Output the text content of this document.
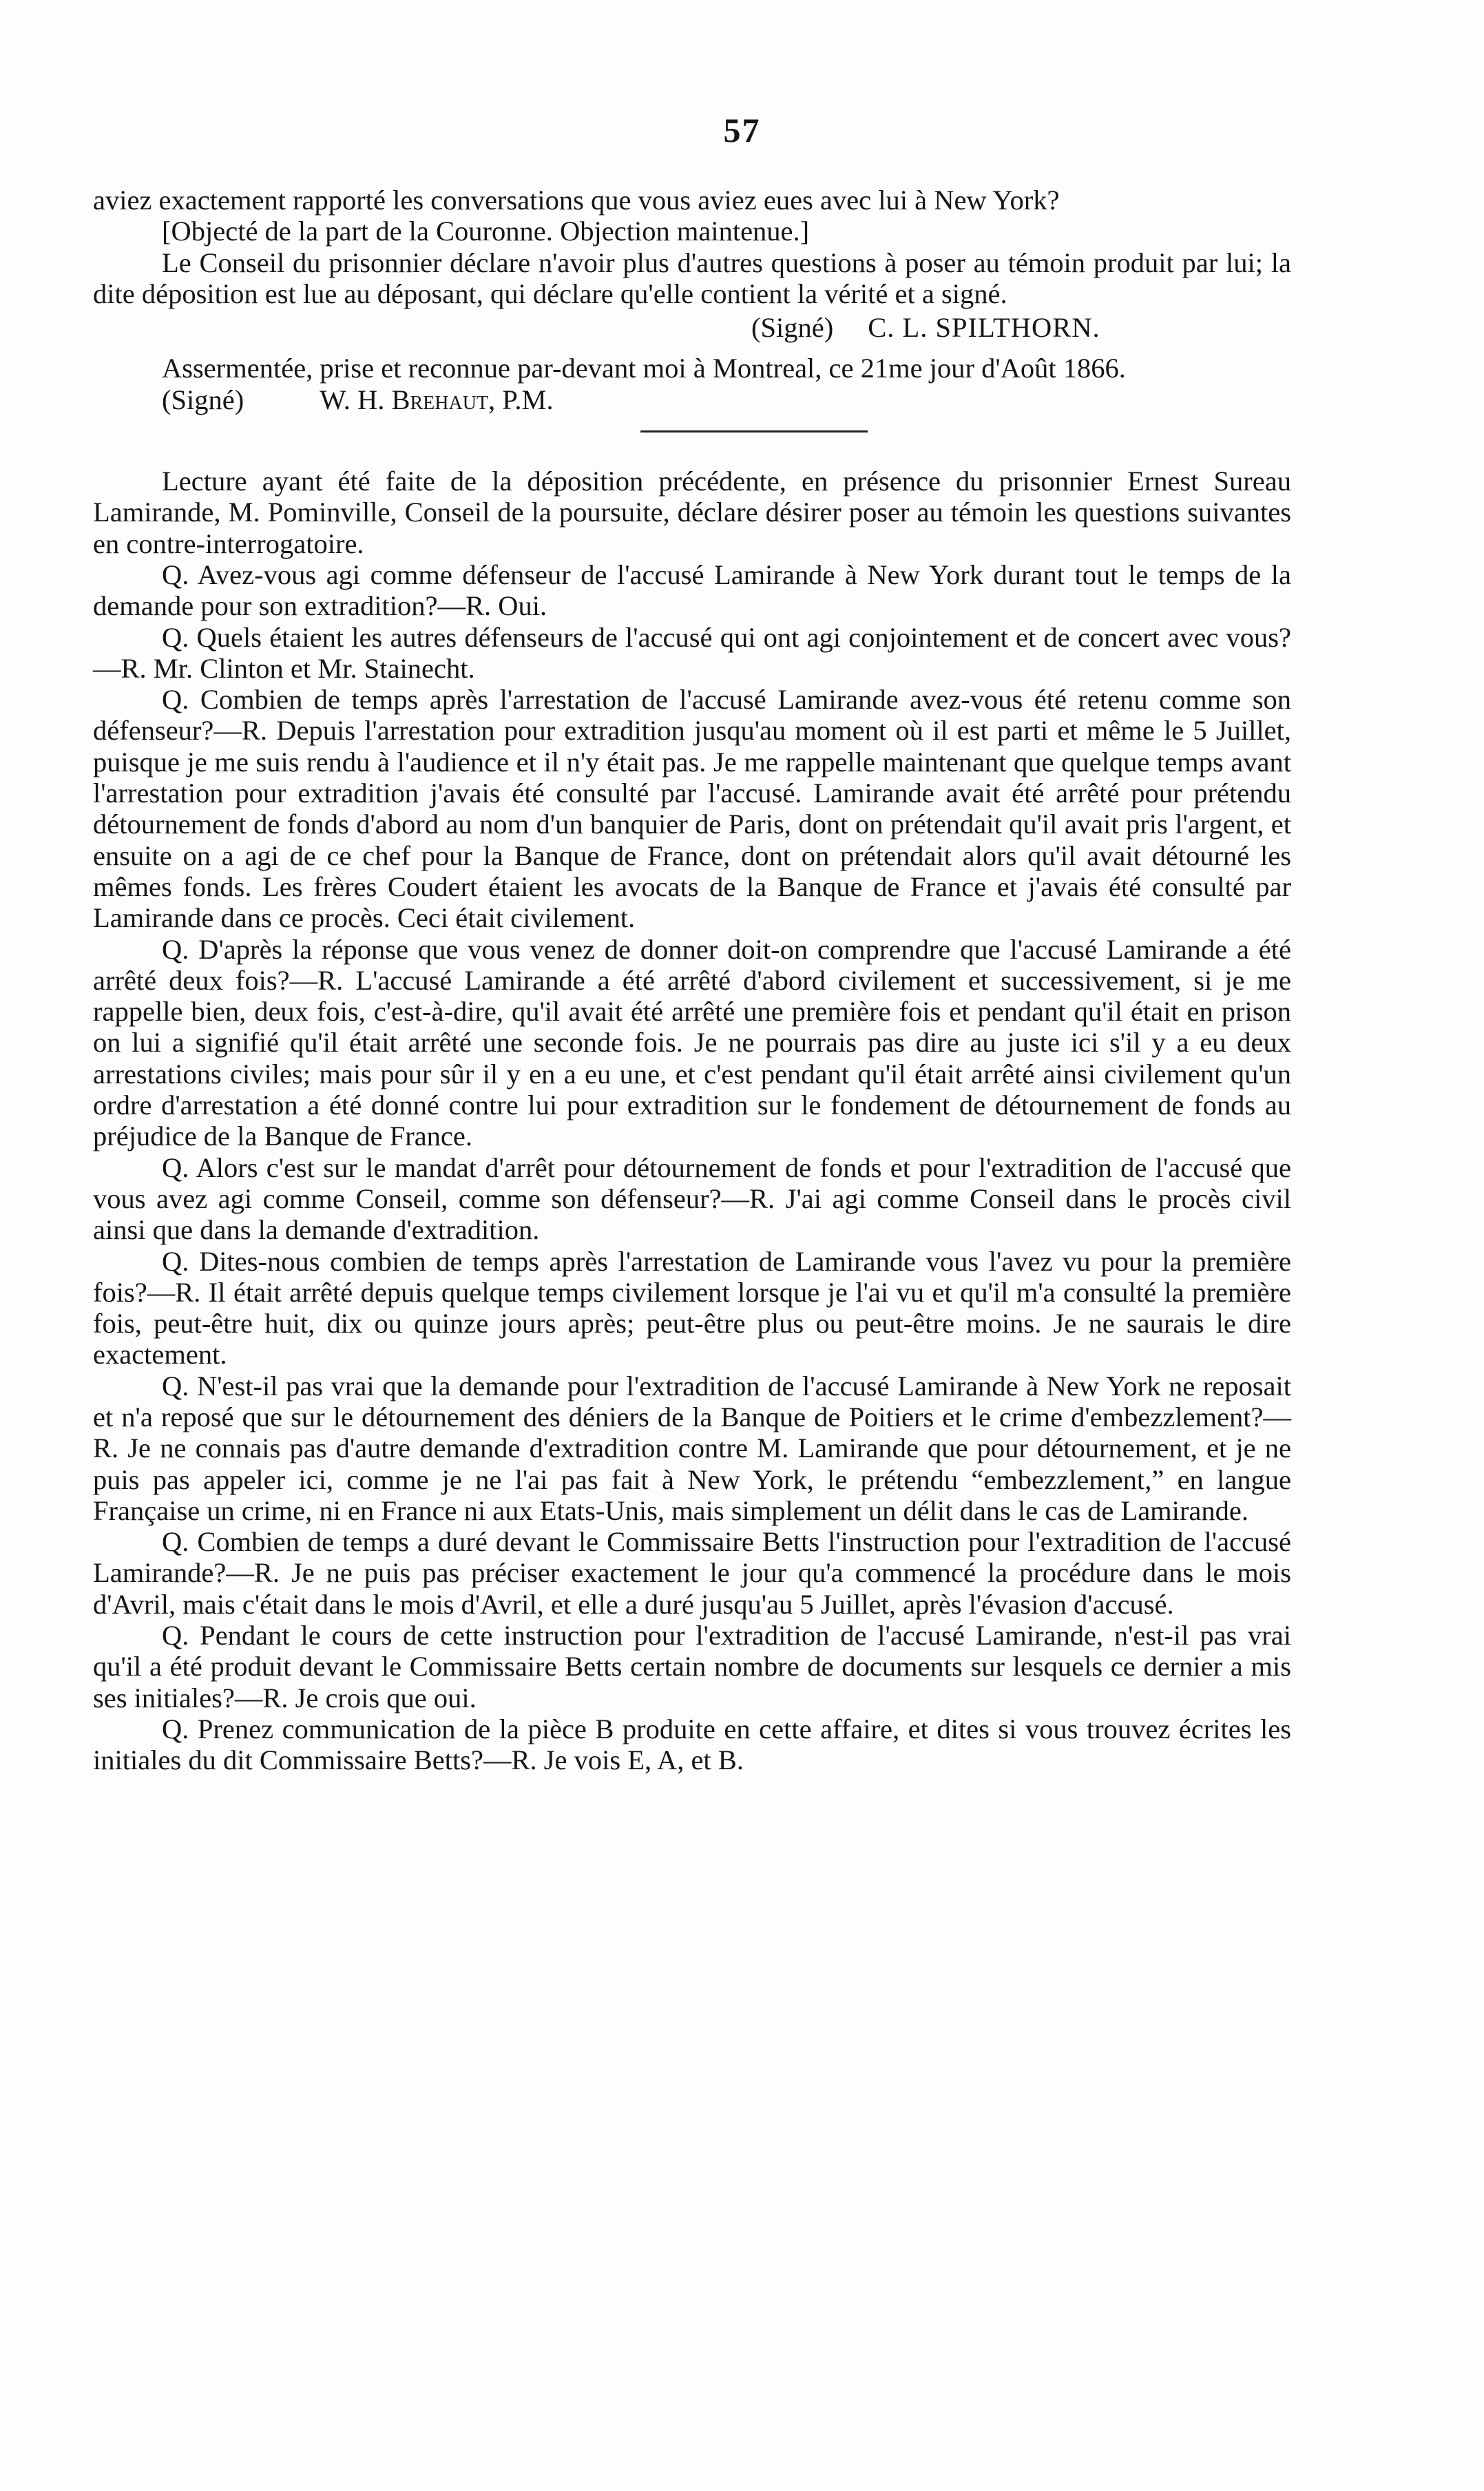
57

aviez exactement rapporté les conversations que vous aviez eues avec lui à New York?

[Objecté de la part de la Couronne. Objection maintenue.]

Le Conseil du prisonnier déclare n'avoir plus d'autres questions à poser au témoin produit par lui; la dite déposition est lue au déposant, qui déclare qu'elle contient la vérité et a signé.

(Signé) C. L. SPILTHORN.

Assermentée, prise et reconnue par-devant moi à Montreal, ce 21me jour d'Août 1866.

(Signé)	W. H. Brehaut, P.M.

Lecture ayant été faite de la déposition précédente, en présence du prisonnier Ernest Sureau Lamirande, M. Pominville, Conseil de la poursuite, déclare désirer poser au témoin les questions suivantes en contre-interrogatoire.

Q. Avez-vous agi comme défenseur de l'accusé Lamirande à New York durant tout le temps de la demande pour son extradition?—R. Oui.

Q. Quels étaient les autres défenseurs de l'accusé qui ont agi conjointement et de concert avec vous?—R. Mr. Clinton et Mr. Stainecht.

Q. Combien de temps après l'arrestation de l'accusé Lamirande avez-vous été retenu comme son défenseur?—R. Depuis l'arrestation pour extradition jusqu'au moment où il est parti et même le 5 Juillet, puisque je me suis rendu à l'audience et il n'y était pas. Je me rappelle maintenant que quelque temps avant l'arrestation pour extradition j'avais été consulté par l'accusé. Lamirande avait été arrêté pour prétendu détournement de fonds d'abord au nom d'un banquier de Paris, dont on prétendait qu'il avait pris l'argent, et ensuite on a agi de ce chef pour la Banque de France, dont on prétendait alors qu'il avait détourné les mêmes fonds. Les frères Coudert étaient les avocats de la Banque de France et j'avais été consulté par Lamirande dans ce procès. Ceci était civilement.

Q. D'après la réponse que vous venez de donner doit-on comprendre que l'accusé Lamirande a été arrêté deux fois?—R. L'accusé Lamirande a été arrêté d'abord civilement et successivement, si je me rappelle bien, deux fois, c'est-à-dire, qu'il avait été arrêté une première fois et pendant qu'il était en prison on lui a signifié qu'il était arrêté une seconde fois. Je ne pourrais pas dire au juste ici s'il y a eu deux arrestations civiles; mais pour sûr il y en a eu une, et c'est pendant qu'il était arrêté ainsi civilement qu'un ordre d'arrestation a été donné contre lui pour extradition sur le fondement de détournement de fonds au préjudice de la Banque de France.

Q. Alors c'est sur le mandat d'arrêt pour détournement de fonds et pour l'extradition de l'accusé que vous avez agi comme Conseil, comme son défenseur?—R. J'ai agi comme Conseil dans le procès civil ainsi que dans la demande d'extradition.

Q. Dites-nous combien de temps après l'arrestation de Lamirande vous l'avez vu pour la première fois?—R. Il était arrêté depuis quelque temps civilement lorsque je l'ai vu et qu'il m'a consulté la première fois, peut-être huit, dix ou quinze jours après; peut-être plus ou peut-être moins. Je ne saurais le dire exactement.

Q. N'est-il pas vrai que la demande pour l'extradition de l'accusé Lamirande à New York ne reposait et n'a reposé que sur le détournement des déniers de la Banque de Poitiers et le crime d'embezzlement?—R. Je ne connais pas d'autre demande d'extradition contre M. Lamirande que pour détournement, et je ne puis pas appeler ici, comme je ne l'ai pas fait à New York, le prétendu “embezzlement,” en langue Française un crime, ni en France ni aux Etats-Unis, mais simplement un délit dans le cas de Lamirande.

Q. Combien de temps a duré devant le Commissaire Betts l'instruction pour l'extradition de l'accusé Lamirande?—R. Je ne puis pas préciser exactement le jour qu'a commencé la procédure dans le mois d'Avril, mais c'était dans le mois d'Avril, et elle a duré jusqu'au 5 Juillet, après l'évasion d'accusé.

Q. Pendant le cours de cette instruction pour l'extradition de l'accusé Lamirande, n'est-il pas vrai qu'il a été produit devant le Commissaire Betts certain nombre de documents sur lesquels ce dernier a mis ses initiales?—R. Je crois que oui.

Q. Prenez communication de la pièce B produite en cette affaire, et dites si vous trouvez écrites les initiales du dit Commissaire Betts?—R. Je vois E, A, et B.
